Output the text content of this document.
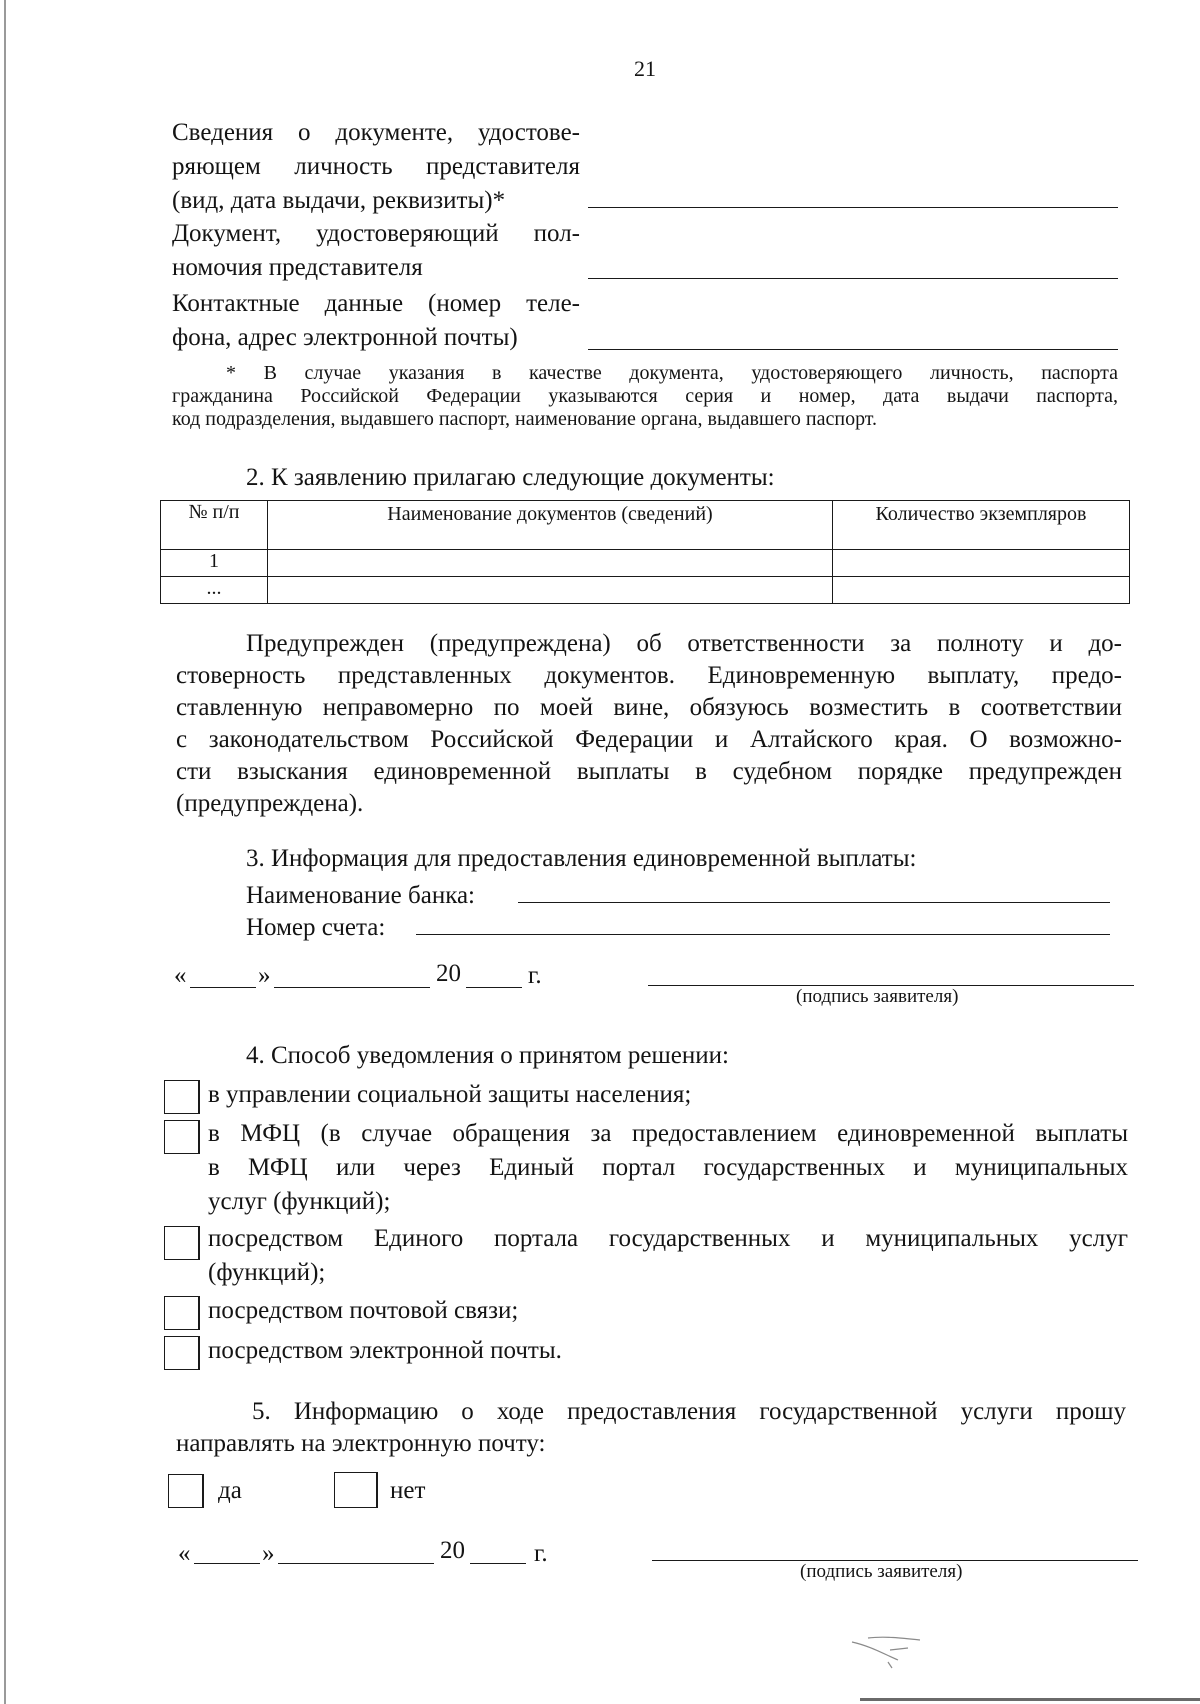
21
Сведения о документе, удостове-
ряющем личность представителя
(вид, дата выдачи, реквизиты)*
Документ, удостоверяющий пол-
номочия представителя
Контактные данные (номер теле-
фона, адрес электронной почты)
* В случае указания в качестве документа, удостоверяющего личность, паспорта
гражданина Российской Федерации указываются серия и номер, дата выдачи паспорта,
код подразделения, выдавшего паспорт, наименование органа, выдавшего паспорт.
2. К заявлению прилагаю следующие документы:
№ п/п	Наименование документов (сведений)	Количество экземпляров
1		
...		
Предупрежден (предупреждена) об ответственности за полноту и до-
стоверность представленных документов. Единовременную выплату, предо-
ставленную неправомерно по моей вине, обязуюсь возместить в соответствии
с законодательством Российской Федерации и Алтайского края. О возможно-
сти взыскания единовременной выплаты в судебном порядке предупрежден
(предупреждена).
3. Информация для предоставления единовременной выплаты:
Наименование банка:
Номер счета:
«	»	20	г.
(подпись заявителя)
4. Способ уведомления о принятом решении:
в управлении социальной защиты населения;
в МФЦ (в случае обращения за предоставлением единовременной выплаты
в МФЦ или через Единый портал государственных и муниципальных
услуг (функций);
посредством Единого портала государственных и муниципальных услуг
(функций);
посредством почтовой связи;
посредством электронной почты.
5. Информацию о ходе предоставления государственной услуги прошу
направлять на электронную почту:
да	нет
«	»	20	г.
(подпись заявителя)
